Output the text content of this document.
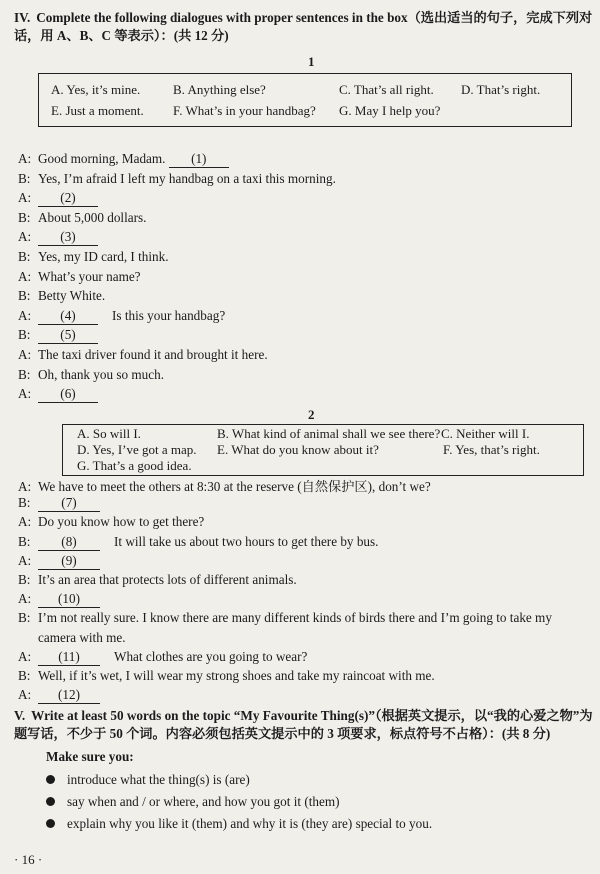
IV. Complete the following dialogues with proper sentences in the box（选出适当的句子，完成下列对话，用 A、B、C 等表示）：(共 12 分)
1
A. Yes, it’s mine.	B. Anything else?	C. That’s all right. D. That’s right.
E. Just a moment. F. What’s in your handbag? G. May I help you?
A: Good morning, Madam. (1)
B: Yes, I’m afraid I left my handbag on a taxi this morning.
A: (2)
B: About 5,000 dollars.
A: (3)
B: Yes, my ID card, I think.
A: What’s your name?
B: Betty White.
A: (4)	Is this your handbag?
B: (5)
A: The taxi driver found it and brought it here.
B: Oh, thank you so much.
A: (6)
2
A. So will I.	B. What kind of animal shall we see there? C. Neither will I.
D. Yes, I’ve got a map. E. What do you know about it?	F. Yes, that’s right.
G. That’s a good idea.
A: We have to meet the others at 8:30 at the reserve (自然保护区), don’t we?
B: (7)
A: Do you know how to get there?
B: (8)	It will take us about two hours to get there by bus.
A: (9)
B: It’s an area that protects lots of different animals.
A: (10)
B: I’m not really sure. I know there are many different kinds of birds there and I’m going to take my
camera with me.
A: (11)	What clothes are you going to wear?
B: Well, if it’s wet, I will wear my strong shoes and take my raincoat with me.
A: (12)
V. Write at least 50 words on the topic “My Favourite Thing(s)”（根据英文提示，以“我的心爱之物”为题写话，不少于 50 个词。内容必须包括英文提示中的 3 项要求，标点符号不占格）：(共 8 分)
Make sure you:
introduce what the thing(s) is (are)
say when and / or where, and how you got it (them)
explain why you like it (them) and why it is (they are) special to you.
· 16 ·
